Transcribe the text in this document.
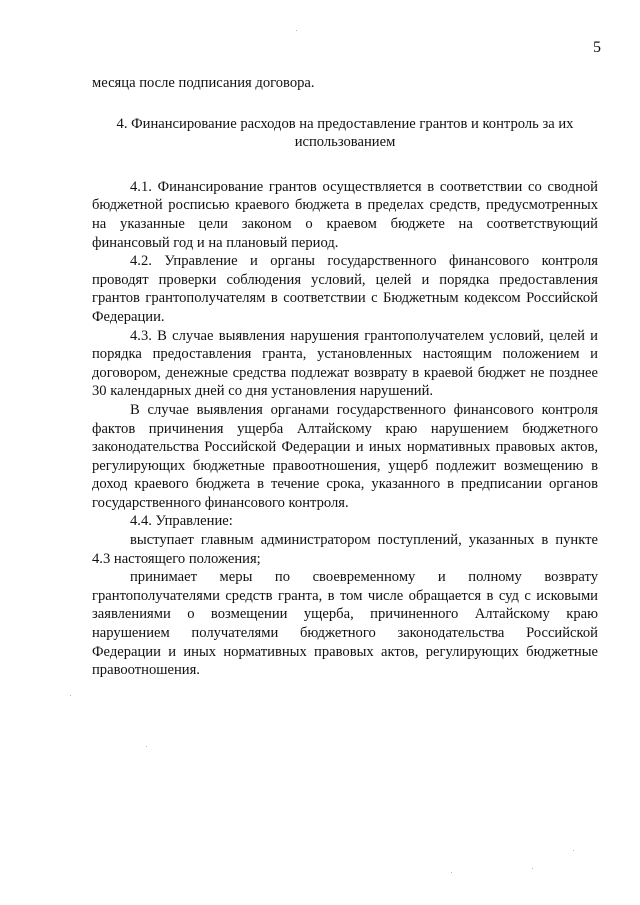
5

месяца после подписания договора.

4. Финансирование расходов на предоставление грантов и контроль за их использованием

4.1. Финансирование грантов осуществляется в соответствии со сводной бюджетной росписью краевого бюджета в пределах средств, предусмотренных на указанные цели законом о краевом бюджете на соответствующий финансовый год и на плановый период.

4.2. Управление и органы государственного финансового контроля проводят проверки соблюдения условий, целей и порядка предоставления грантов грантополучателям в соответствии с Бюджетным кодексом Российской Федерации.

4.3. В случае выявления нарушения грантополучателем условий, целей и порядка предоставления гранта, установленных настоящим положением и договором, денежные средства подлежат возврату в краевой бюджет не позднее 30 календарных дней со дня установления нарушений.

В случае выявления органами государственного финансового контроля фактов причинения ущерба Алтайскому краю нарушением бюджетного законодательства Российской Федерации и иных нормативных правовых актов, регулирующих бюджетные правоотношения, ущерб подлежит возмещению в доход краевого бюджета в течение срока, указанного в предписании органов государственного финансового контроля.

4.4. Управление:

выступает главным администратором поступлений, указанных в пункте 4.3 настоящего положения;

принимает меры по своевременному и полному возврату грантополучателями средств гранта, в том числе обращается в суд с исковыми заявлениями о возмещении ущерба, причиненного Алтайскому краю нарушением получателями бюджетного законодательства Российской Федерации и иных нормативных правовых актов, регулирующих бюджетные правоотношения.
